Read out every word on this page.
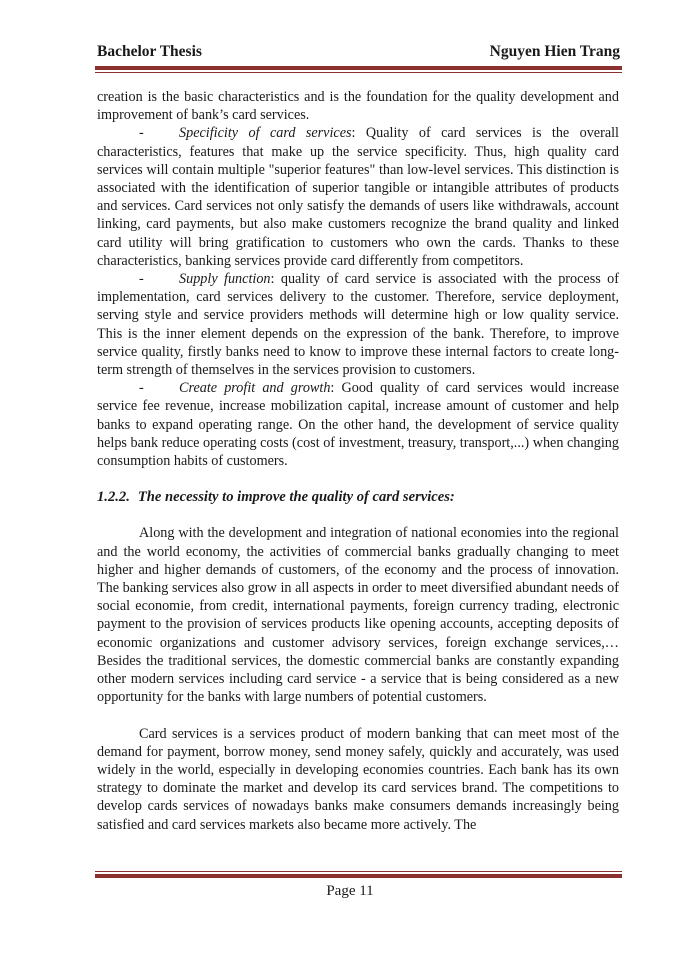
Bachelor Thesis	Nguyen Hien Trang

creation is the basic characteristics and is the foundation for the quality development and improvement of bank’s card services.

- Specificity of card services: Quality of card services is the overall characteristics, features that make up the service specificity. Thus, high quality card services will contain multiple "superior features" than low-level services. This distinction is associated with the identification of superior tangible or intangible attributes of products and services. Card services not only satisfy the demands of users like withdrawals, account linking, card payments, but also make customers recognize the brand quality and linked card utility will bring gratification to customers who own the cards. Thanks to these characteristics, banking services provide card differently from competitors.

- Supply function: quality of card service is associated with the process of implementation, card services delivery to the customer. Therefore, service deployment, serving style and service providers methods will determine high or low quality service. This is the inner element depends on the expression of the bank. Therefore, to improve service quality, firstly banks need to know to improve these internal factors to create long-term strength of themselves in the services provision to customers.

- Create profit and growth: Good quality of card services would increase service fee revenue, increase mobilization capital, increase amount of customer and help banks to expand operating range. On the other hand, the development of service quality helps bank reduce operating costs (cost of investment, treasury, transport,...) when changing consumption habits of customers.

1.2.2. The necessity to improve the quality of card services:

Along with the development and integration of national economies into the regional and the world economy, the activities of commercial banks gradually changing to meet higher and higher demands of customers, of the economy and the process of innovation. The banking services also grow in all aspects in order to meet diversified abundant needs of social economie, from credit, international payments, foreign currency trading, electronic payment to the provision of services products like opening accounts, accepting deposits of economic organizations and customer advisory services, foreign exchange services,… Besides the traditional services, the domestic commercial banks are constantly expanding other modern services including card service - a service that is being considered as a new opportunity for the banks with large numbers of potential customers.

Card services is a services product of modern banking that can meet most of the demand for payment, borrow money, send money safely, quickly and accurately, was used widely in the world, especially in developing economies countries. Each bank has its own strategy to dominate the market and develop its card services brand. The competitions to develop cards services of nowadays banks make consumers demands increasingly being satisfied and card services markets also became more actively. The

Page 11
